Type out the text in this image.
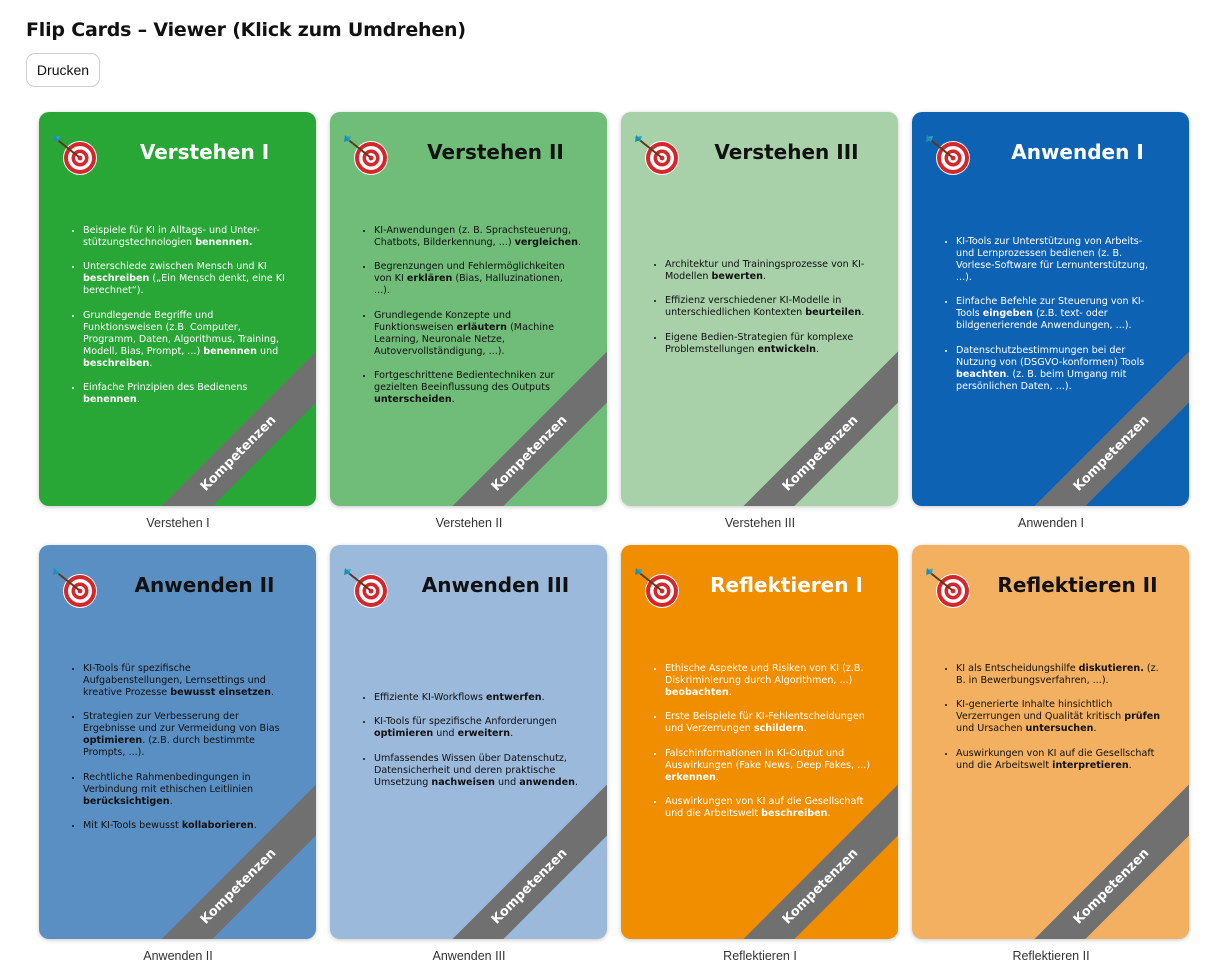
Flip Cards – Viewer (Klick zum Umdrehen)
Drucken
Verstehen I
• Beispiele für KI in Alltags- und Unter-stützungstechnologien benennen.
• Unterschiede zwischen Mensch und KI beschreiben („Ein Mensch denkt, eine KI berechnet“).
• Grundlegende Begriffe und Funktionsweisen (z.B. Computer, Programm, Daten, Algorithmus, Training, Modell, Bias, Prompt, ...) benennen und beschreiben.
• Einfache Prinzipien des Bedienens benennen.
Kompetenzen
Verstehen I
Verstehen II
• KI-Anwendungen (z. B. Sprachsteuerung, Chatbots, Bilderkennung, ...) vergleichen.
• Begrenzungen und Fehlermöglichkeiten von KI erklären (Bias, Halluzinationen, ...).
• Grundlegende Konzepte und Funktionsweisen erläutern (Machine Learning, Neuronale Netze, Autovervollständigung, ...).
• Fortgeschrittene Bedientechniken zur gezielten Beeinflussung des Outputs unterscheiden.
Kompetenzen
Verstehen II
Verstehen III
• Architektur und Trainingsprozesse von KI-Modellen bewerten.
• Effizienz verschiedener KI-Modelle in unterschiedlichen Kontexten beurteilen.
• Eigene Bedien-Strategien für komplexe Problemstellungen entwickeln.
Kompetenzen
Verstehen III
Anwenden I
• KI-Tools zur Unterstützung von Arbeits- und Lernprozessen bedienen (z. B. Vorlese-Software für Lernunterstützung, ...).
• Einfache Befehle zur Steuerung von KI-Tools eingeben (z.B. text- oder bildgenerierende Anwendungen, ...).
• Datenschutzbestimmungen bei der Nutzung von (DSGVO-konformen) Tools beachten. (z. B. beim Umgang mit persönlichen Daten, ...).
Kompetenzen
Anwenden I
Anwenden II
• KI-Tools für spezifische Aufgabenstellungen, Lernsettings und kreative Prozesse bewusst einsetzen.
• Strategien zur Verbesserung der Ergebnisse und zur Vermeidung von Bias optimieren. (z.B. durch bestimmte Prompts, ...).
• Rechtliche Rahmenbedingungen in Verbindung mit ethischen Leitlinien berücksichtigen.
• Mit KI-Tools bewusst kollaborieren.
Kompetenzen
Anwenden II
Anwenden III
• Effiziente KI-Workflows entwerfen.
• KI-Tools für spezifische Anforderungen optimieren und erweitern.
• Umfassendes Wissen über Datenschutz, Datensicherheit und deren praktische Umsetzung nachweisen und anwenden.
Kompetenzen
Anwenden III
Reflektieren I
• Ethische Aspekte und Risiken von KI (z.B. Diskriminierung durch Algorithmen, ...) beobachten.
• Erste Beispiele für KI-Fehlentscheidungen und Verzerrungen schildern.
• Falschinformationen in KI-Output und Auswirkungen (Fake News, Deep Fakes, ...) erkennen.
• Auswirkungen von KI auf die Gesellschaft und die Arbeitswelt beschreiben.
Kompetenzen
Reflektieren I
Reflektieren II
• KI als Entscheidungshilfe diskutieren. (z. B. in Bewerbungsverfahren, ...).
• KI-generierte Inhalte hinsichtlich Verzerrungen und Qualität kritisch prüfen und Ursachen untersuchen.
• Auswirkungen von KI auf die Gesellschaft und die Arbeitswelt interpretieren.
Kompetenzen
Reflektieren II
